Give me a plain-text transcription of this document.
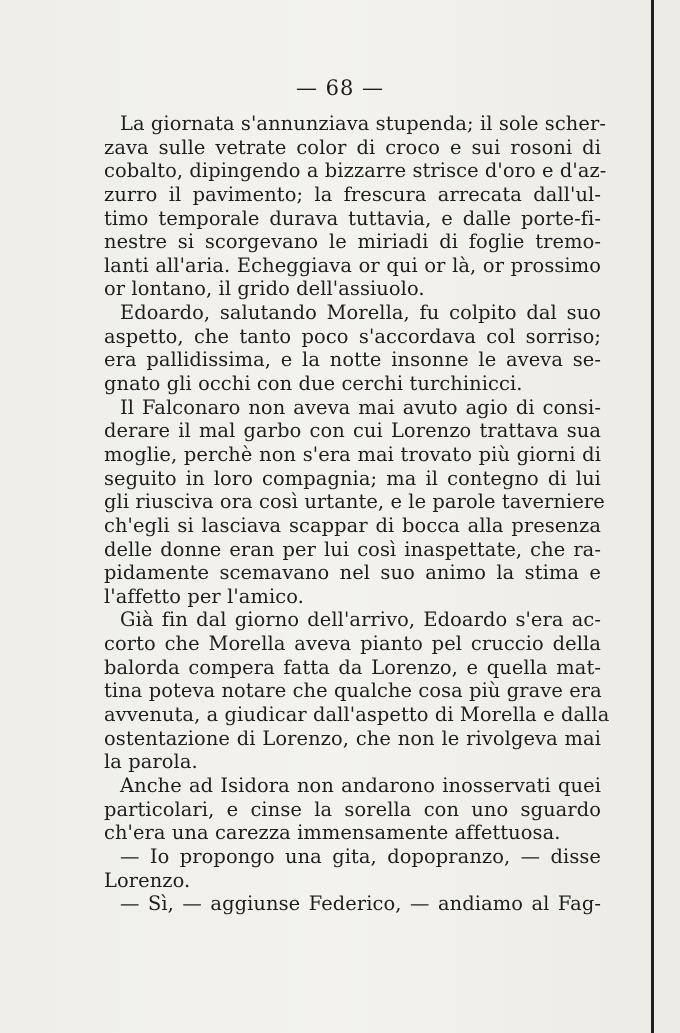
— 68 —
La giornata s'annunziava stupenda; il sole scher-
zava sulle vetrate color di croco e sui rosoni di
cobalto, dipingendo a bizzarre strisce d'oro e d'az-
zurro il pavimento; la frescura arrecata dall'ul-
timo temporale durava tuttavia, e dalle porte-fi-
nestre si scorgevano le miriadi di foglie tremo-
lanti all'aria. Echeggiava or qui or là, or prossimo
or lontano, il grido dell'assiuolo.
Edoardo, salutando Morella, fu colpito dal suo
aspetto, che tanto poco s'accordava col sorriso;
era pallidissima, e la notte insonne le aveva se-
gnato gli occhi con due cerchi turchinicci.
Il Falconaro non aveva mai avuto agio di consi-
derare il mal garbo con cui Lorenzo trattava sua
moglie, perchè non s'era mai trovato più giorni di
seguito in loro compagnia; ma il contegno di lui
gli riusciva ora così urtante, e le parole taverniere
ch'egli si lasciava scappar di bocca alla presenza
delle donne eran per lui così inaspettate, che ra-
pidamente scemavano nel suo animo la stima e
l'affetto per l'amico.
Già fin dal giorno dell'arrivo, Edoardo s'era ac-
corto che Morella aveva pianto pel cruccio della
balorda compera fatta da Lorenzo, e quella mat-
tina poteva notare che qualche cosa più grave era
avvenuta, a giudicar dall'aspetto di Morella e dalla
ostentazione di Lorenzo, che non le rivolgeva mai
la parola.
Anche ad Isidora non andarono inosservati quei
particolari, e cinse la sorella con uno sguardo
ch'era una carezza immensamente affettuosa.
— Io propongo una gita, dopopranzo, — disse
Lorenzo.
— Sì, — aggiunse Federico, — andiamo al Fag-
